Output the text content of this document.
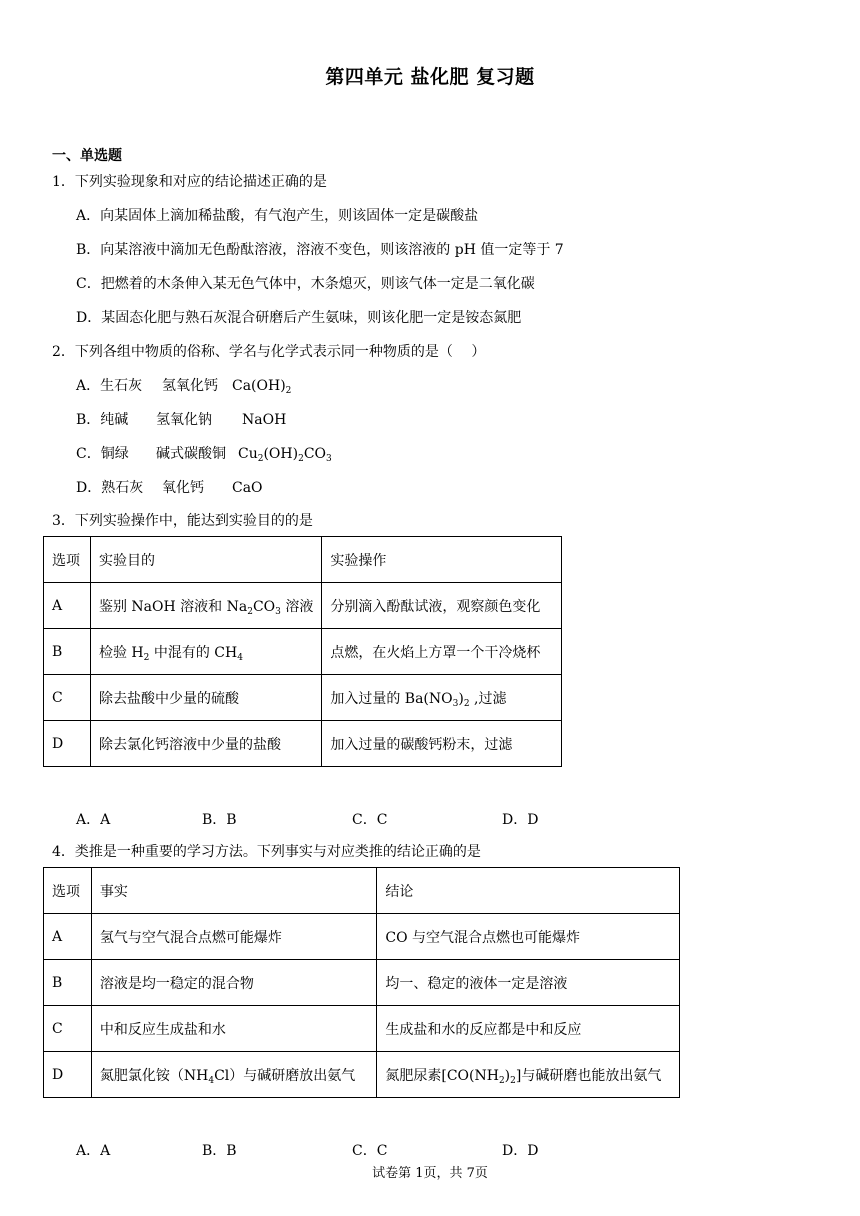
第四单元 盐化肥 复习题
一、单选题
1．下列实验现象和对应的结论描述正确的是
A．向某固体上滴加稀盐酸，有气泡产生，则该固体一定是碳酸盐
B．向某溶液中滴加无色酚酞溶液，溶液不变色，则该溶液的 pH 值一定等于 7
C．把燃着的木条伸入某无色气体中，木条熄灭，则该气体一定是二氧化碳
D．某固态化肥与熟石灰混合研磨后产生氨味，则该化肥一定是铵态氮肥
2．下列各组中物质的俗称、学名与化学式表示同一种物质的是（　 ）
A．生石灰 氢氧化钙 $Ca(OH)_2$
B．纯碱 氢氧化钠 NaOH
C．铜绿 碱式碳酸铜 $Cu_2(OH)_2CO_3$
D．熟石灰 氧化钙 CaO
3．下列实验操作中，能达到实验目的的是
选项	实验目的	实验操作
A	鉴别 NaOH 溶液和 $Na_2CO_3$ 溶液	分别滴入酚酞试液，观察颜色变化
B	检验 $H_2$ 中混有的 $CH_4$	点燃，在火焰上方罩一个干冷烧杯
C	除去盐酸中少量的硫酸	加入过量的 $Ba(NO_3)_2$ ,过滤
D	除去氯化钙溶液中少量的盐酸	加入过量的碳酸钙粉末，过滤
A．A	B．B	C．C	D．D
4．类推是一种重要的学习方法。下列事实与对应类推的结论正确的是
选项	事实	结论
A	氢气与空气混合点燃可能爆炸	CO 与空气混合点燃也可能爆炸
B	溶液是均一稳定的混合物	均一、稳定的液体一定是溶液
C	中和反应生成盐和水	生成盐和水的反应都是中和反应
D	氮肥氯化铵$(NH_4Cl)$与碱研磨放出氨气	氮肥尿素$[CO(NH_2)_2]$与碱研磨也能放出氨气
A．A	B．B	C．C	D．D
试卷第 1页，共 7页
